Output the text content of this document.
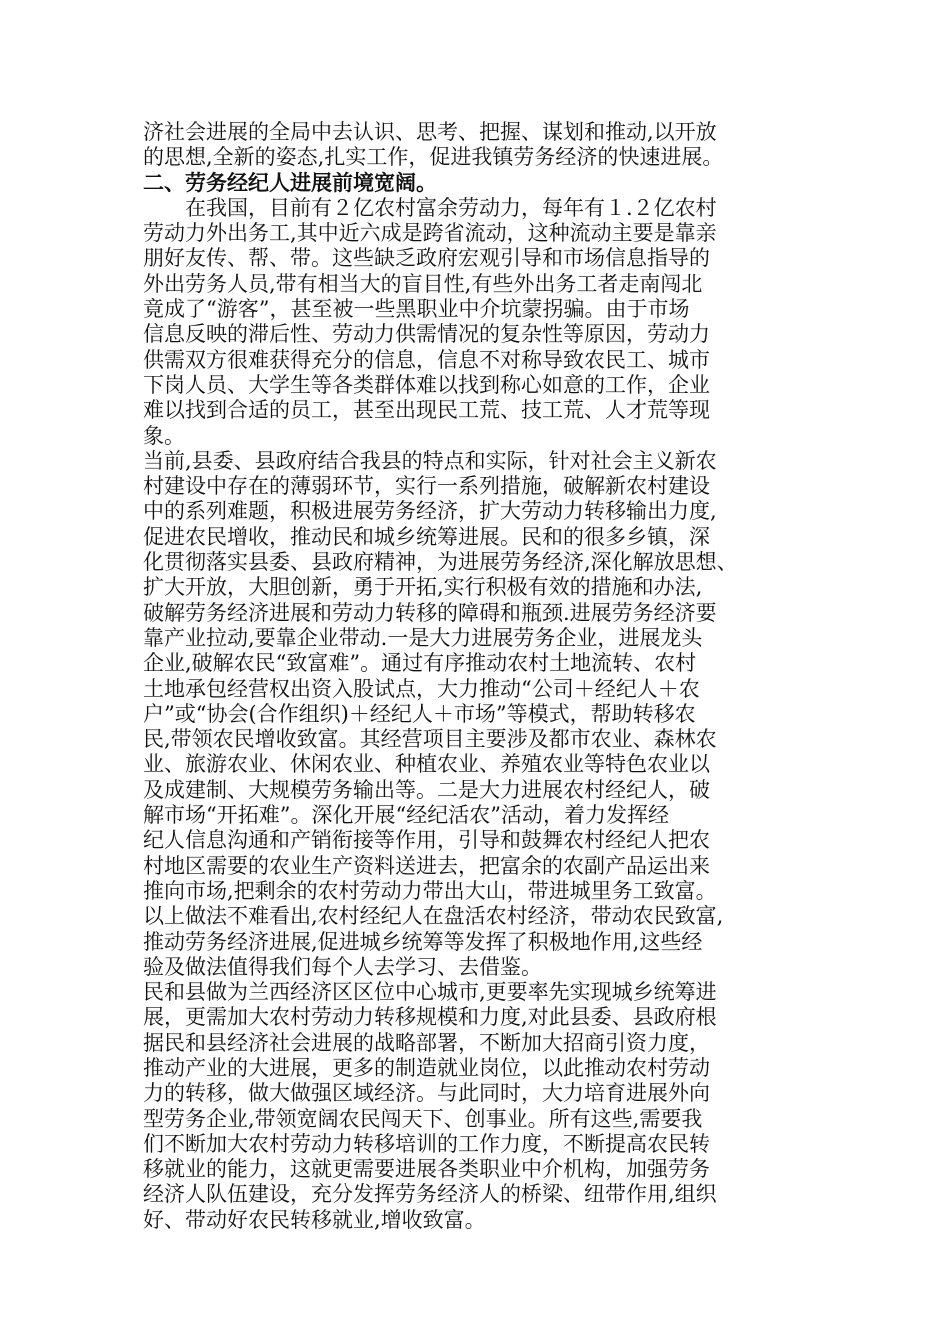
济社会进展的全局中去认识、思考、把握、谋划和推动,以开放
的思想,全新的姿态,扎实工作，促进我镇劳务经济的快速进展。
二、劳务经纪人进展前境宽阔。
　　在我国，目前有２亿农村富余劳动力，每年有１.２亿农村
劳动力外出务工,其中近六成是跨省流动，这种流动主要是靠亲
朋好友传、帮、带。这些缺乏政府宏观引导和市场信息指导的
外出劳务人员,带有相当大的盲目性,有些外出务工者走南闯北
竟成了“游客”，甚至被一些黑职业中介坑蒙拐骗。由于市场
信息反映的滞后性、劳动力供需情况的复杂性等原因，劳动力
供需双方很难获得充分的信息，信息不对称导致农民工、城市
下岗人员、大学生等各类群体难以找到称心如意的工作，企业
难以找到合适的员工，甚至出现民工荒、技工荒、人才荒等现
象。
当前,县委、县政府结合我县的特点和实际，针对社会主义新农
村建设中存在的薄弱环节，实行一系列措施，破解新农村建设
中的系列难题，积极进展劳务经济，扩大劳动力转移输出力度,
促进农民增收，推动民和城乡统筹进展。民和的很多乡镇，深
化贯彻落实县委、县政府精神，为进展劳务经济,深化解放思想、
扩大开放，大胆创新，勇于开拓,实行积极有效的措施和办法,
破解劳务经济进展和劳动力转移的障碍和瓶颈.进展劳务经济要
靠产业拉动,要靠企业带动.一是大力进展劳务企业，进展龙头
企业,破解农民“致富难”。通过有序推动农村土地流转、农村
土地承包经营权出资入股试点，大力推动“公司＋经纪人＋农
户”或“协会(合作组织)＋经纪人＋市场”等模式，帮助转移农
民,带领农民增收致富。其经营项目主要涉及都市农业、森林农
业、旅游农业、休闲农业、种植农业、养殖农业等特色农业以
及成建制、大规模劳务输出等。二是大力进展农村经纪人，破
解市场“开拓难”。深化开展“经纪活农”活动，着力发挥经
纪人信息沟通和产销衔接等作用，引导和鼓舞农村经纪人把农
村地区需要的农业生产资料送进去，把富余的农副产品运出来
推向市场,把剩余的农村劳动力带出大山，带进城里务工致富。
以上做法不难看出,农村经纪人在盘活农村经济，带动农民致富,
推动劳务经济进展,促进城乡统筹等发挥了积极地作用,这些经
验及做法值得我们每个人去学习、去借鉴。
民和县做为兰西经济区区位中心城市,更要率先实现城乡统筹进
展，更需加大农村劳动力转移规模和力度,对此县委、县政府根
据民和县经济社会进展的战略部署，不断加大招商引资力度，
推动产业的大进展，更多的制造就业岗位，以此推动农村劳动
力的转移，做大做强区域经济。与此同时，大力培育进展外向
型劳务企业,带领宽阔农民闯天下、创事业。所有这些,需要我
们不断加大农村劳动力转移培训的工作力度，不断提高农民转
移就业的能力，这就更需要进展各类职业中介机构，加强劳务
经济人队伍建设，充分发挥劳务经济人的桥梁、纽带作用,组织
好、带动好农民转移就业,增收致富。
